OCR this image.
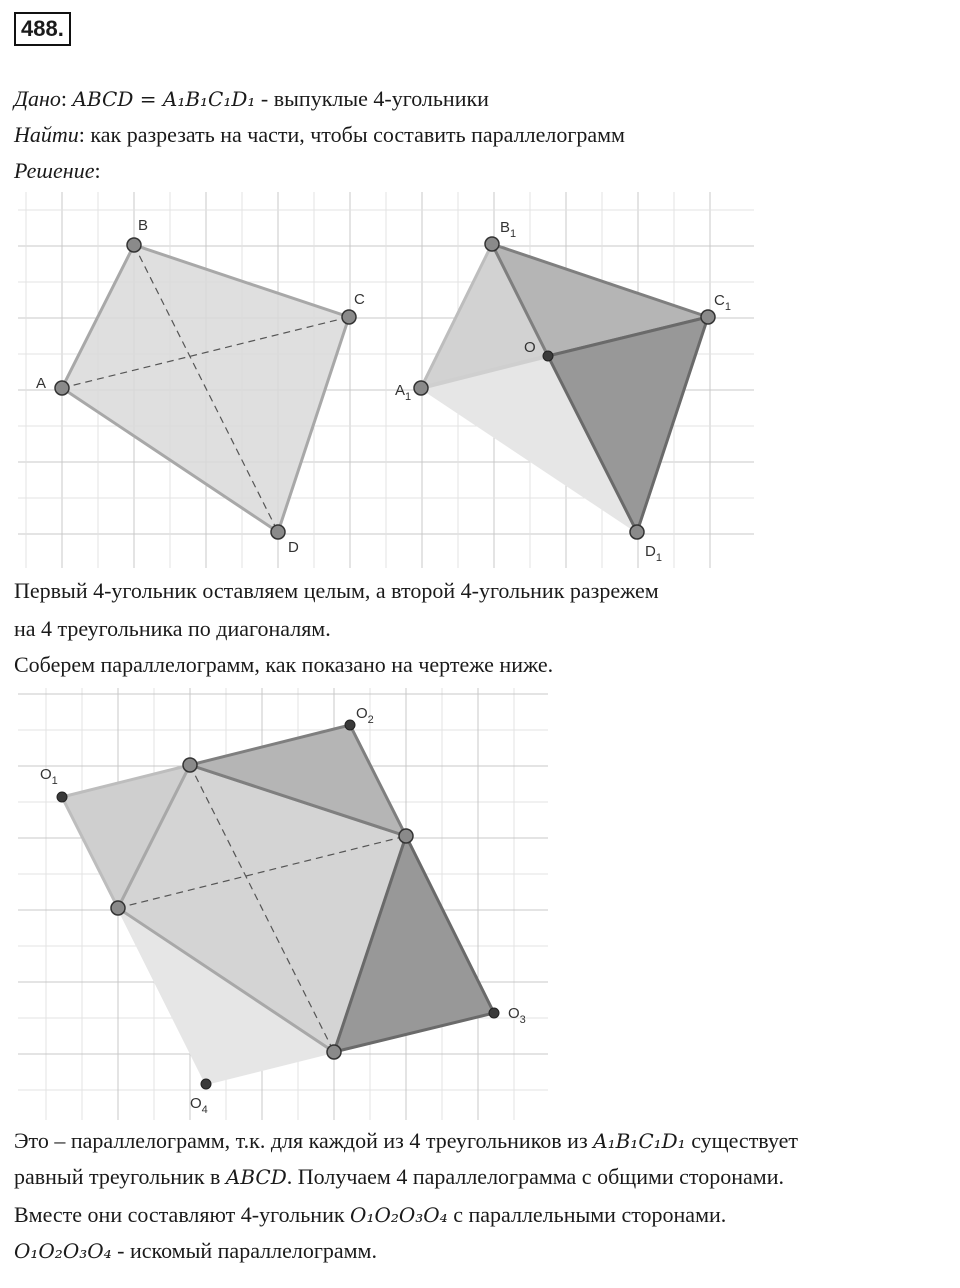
488.
Дано: ABCD = A₁B₁C₁D₁ - выпуклые 4-угольники
Найти: как разрезать на части, чтобы составить параллелограмм
Решение:
A
B
C
D
$A_1$
$B_1$
$C_1$
$D_1$
O
Первый 4-угольник оставляем целым, а второй 4-угольник разрежем
на 4 треугольника по диагоналям.
Соберем параллелограмм, как показано на чертеже ниже.
$O_1$
$O_2$
$O_3$
$O_4$
Это – параллелограмм, т.к. для каждой из 4 треугольников из A₁B₁C₁D₁ существует
равный треугольник в ABCD. Получаем 4 параллелограмма с общими сторонами.
Вместе они составляют 4-угольник O₁O₂O₃O₄ с параллельными сторонами.
O₁O₂O₃O₄ - искомый параллелограмм.
